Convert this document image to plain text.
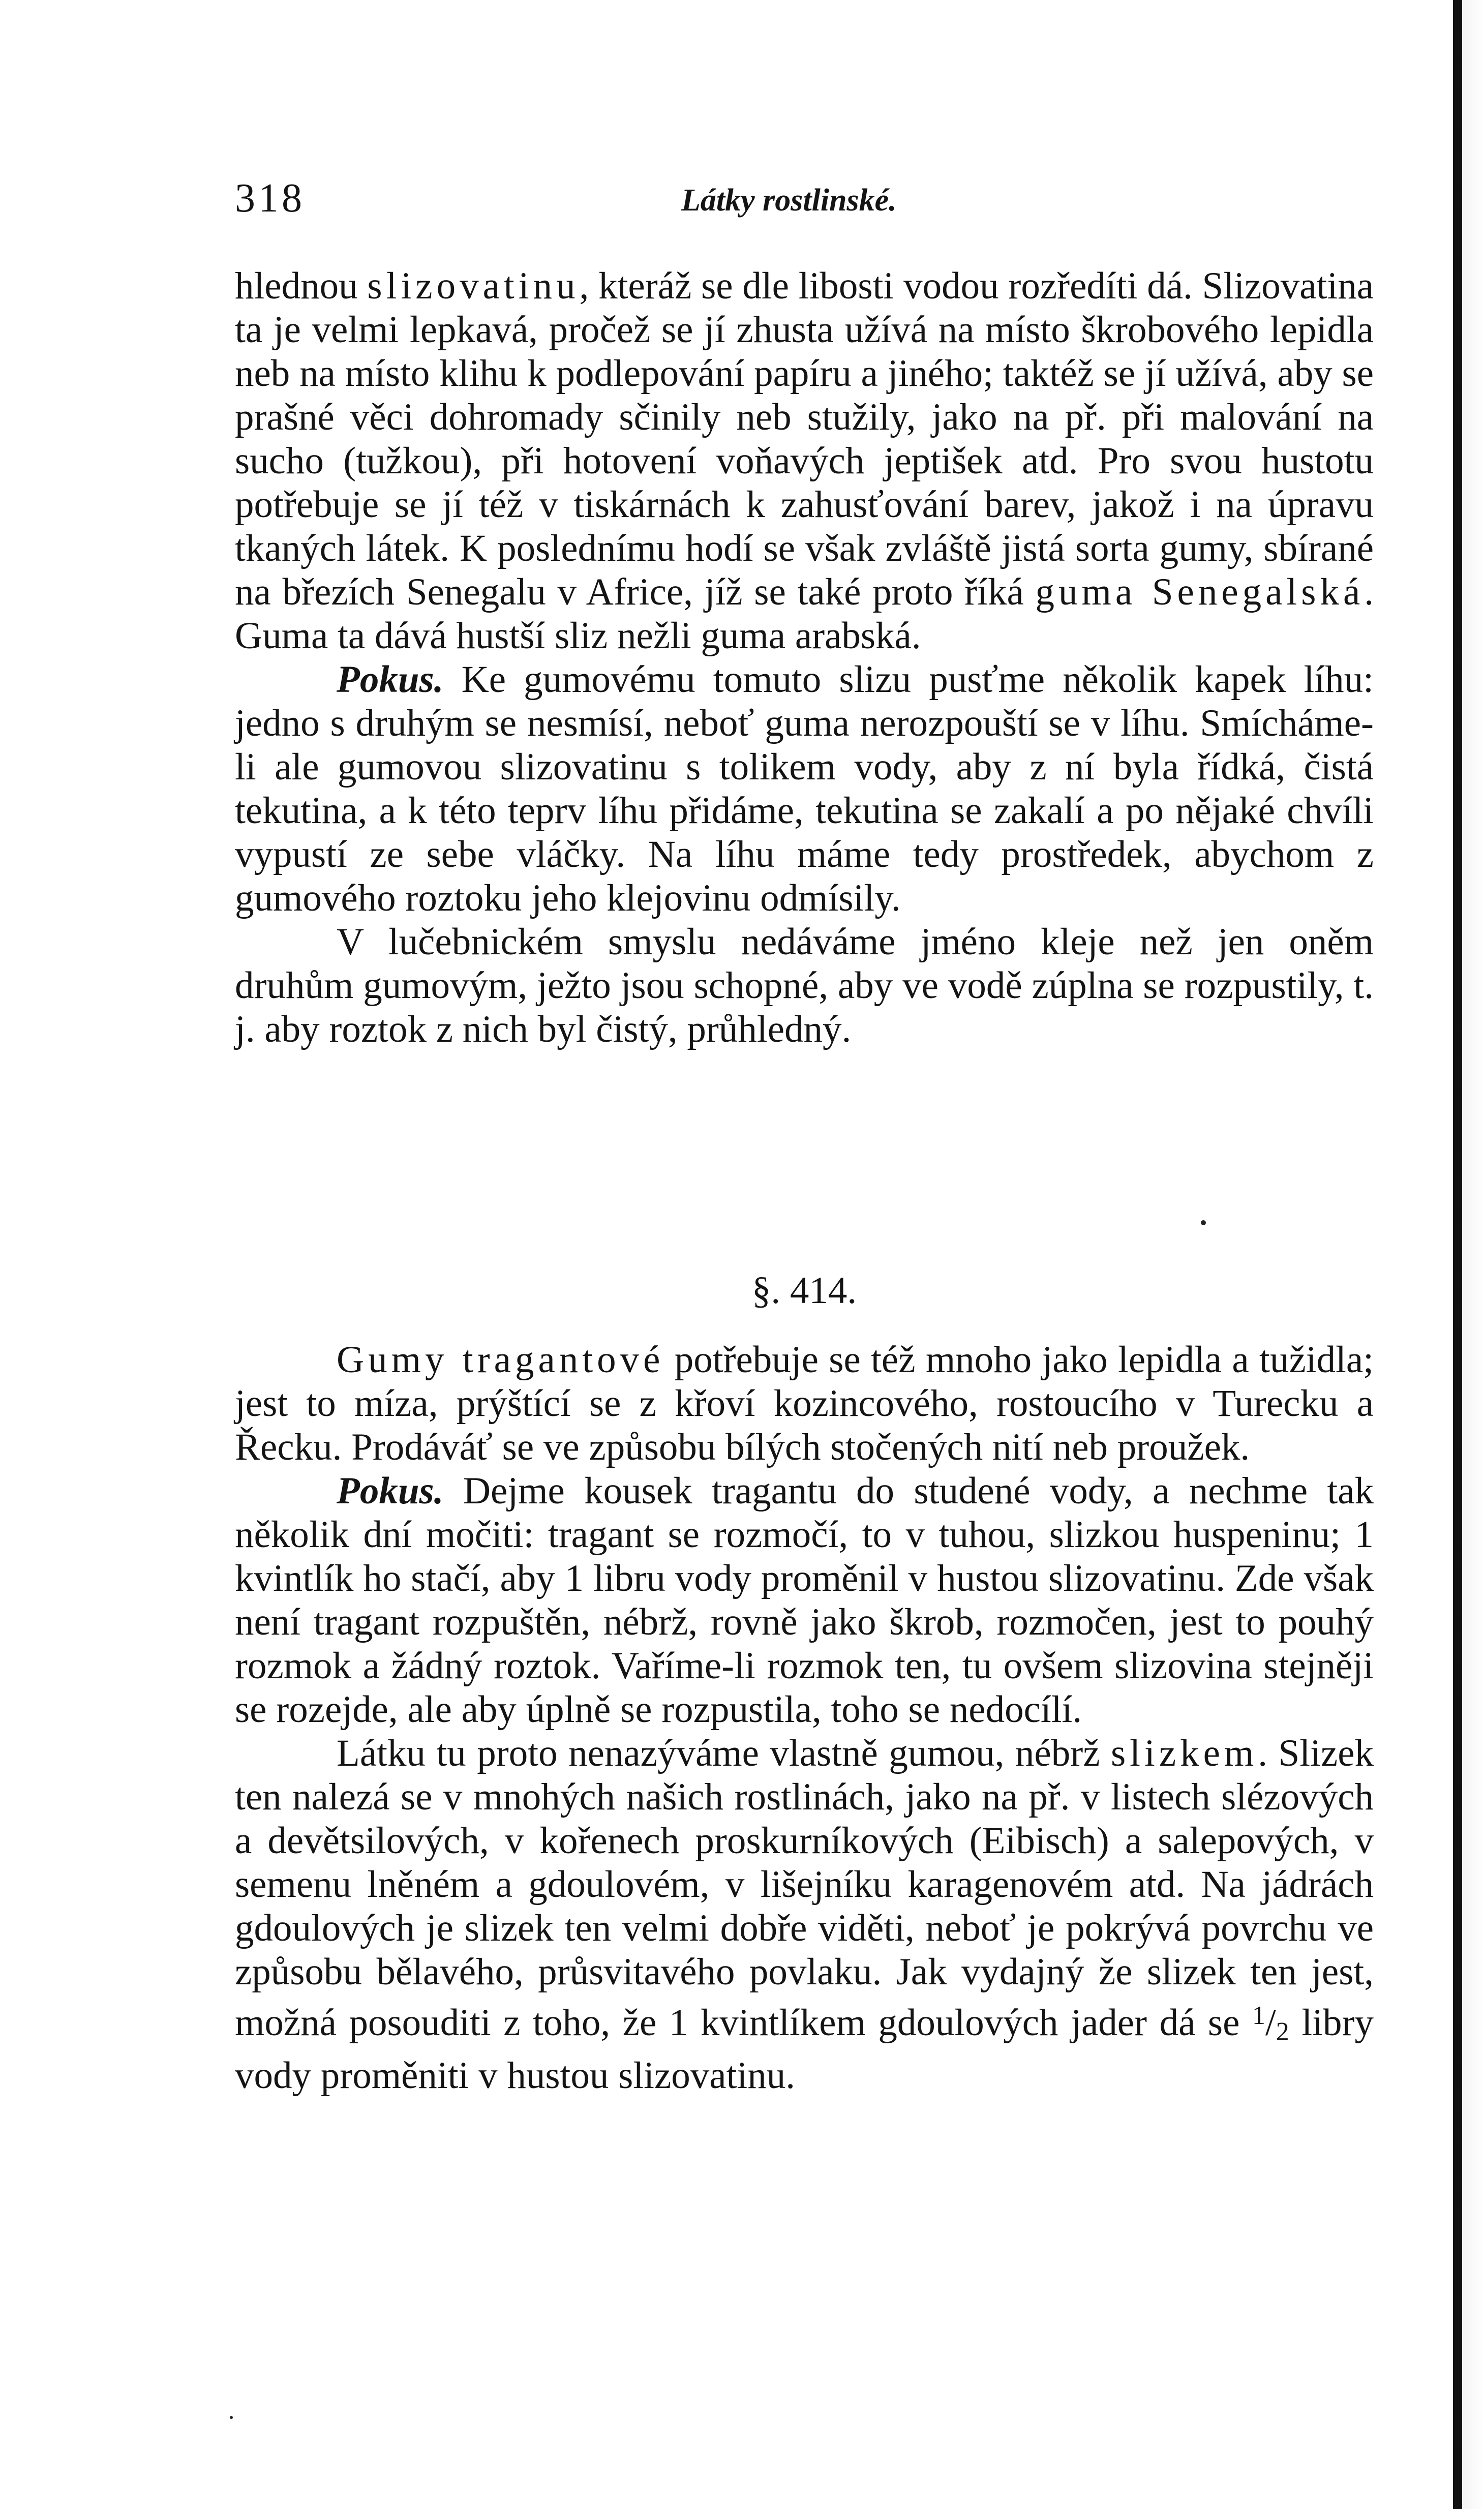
318	Látky rostlinské.

hlednou slizovatinu, kteráž se dle libosti vodou rozředíti dá. Slizovatina ta je velmi lepkavá, pročež se jí zhusta užívá na místo škrobového lepidla neb na místo klihu k podlepování papíru a jiného; taktéž se jí užívá, aby se prašné věci dohromady sčinily neb stužily, jako na př. při malování na sucho (tužkou), při hotovení voňavých jeptišek atd. Pro svou hustotu potřebuje se jí též v tiskárnách k zahusťování barev, jakož i na úpravu tkaných látek. K poslednímu hodí se však zvláště jistá sorta gumy, sbírané na březích Senegalu v Africe, jíž se také proto říká guma Senegalská. Guma ta dává hustší sliz nežli guma arabská.

Pokus. Ke gumovému tomuto slizu pusťme několik kapek líhu: jedno s druhým se nesmísí, neboť guma nerozpouští se v líhu. Smícháme-li ale gumovou slizovatinu s tolikem vody, aby z ní byla řídká, čistá tekutina, a k této teprv líhu přidáme, tekutina se zakalí a po nějaké chvíli vypustí ze sebe vláčky. Na líhu máme tedy prostředek, abychom z gumového roztoku jeho klejovinu odmísily.

V lučebnickém smyslu nedáváme jméno kleje než jen oněm druhům gumovým, ježto jsou schopné, aby ve vodě zúplna se rozpustily, t. j. aby roztok z nich byl čistý, průhledný.

§. 414.

Gumy tragantové potřebuje se též mnoho jako lepidla a tužidla; jest to míza, prýštící se z křoví kozincového, rostoucího v Turecku a Řecku. Prodáváť se ve způsobu bílých stočených nití neb proužek.

Pokus. Dejme kousek tragantu do studené vody, a nechme tak několik dní močiti: tragant se rozmočí, to v tuhou, slizkou huspeninu; 1 kvintlík ho stačí, aby 1 libru vody proměnil v hustou slizovatinu. Zde však není tragant rozpuštěn, nébrž, rovně jako škrob, rozmočen, jest to pouhý rozmok a žádný roztok. Vaříme-li rozmok ten, tu ovšem slizovina stejněji se rozejde, ale aby úplně se rozpustila, toho se nedocílí.

Látku tu proto nenazýváme vlastně gumou, nébrž slizkem. Slizek ten nalezá se v mnohých našich rostlinách, jako na př. v listech slézových a devětsilových, v kořenech proskurníkových (Eibisch) a salepových, v semenu lněném a gdoulovém, v lišejníku karagenovém atd. Na jádrách gdoulových je slizek ten velmi dobře viděti, neboť je pokrývá povrchu ve způsobu bělavého, průsvitavého povlaku. Jak vydajný že slizek ten jest, možná posouditi z toho, že 1 kvintlíkem gdoulových jader dá se $^1$/2 libry vody proměniti v hustou slizovatinu.
